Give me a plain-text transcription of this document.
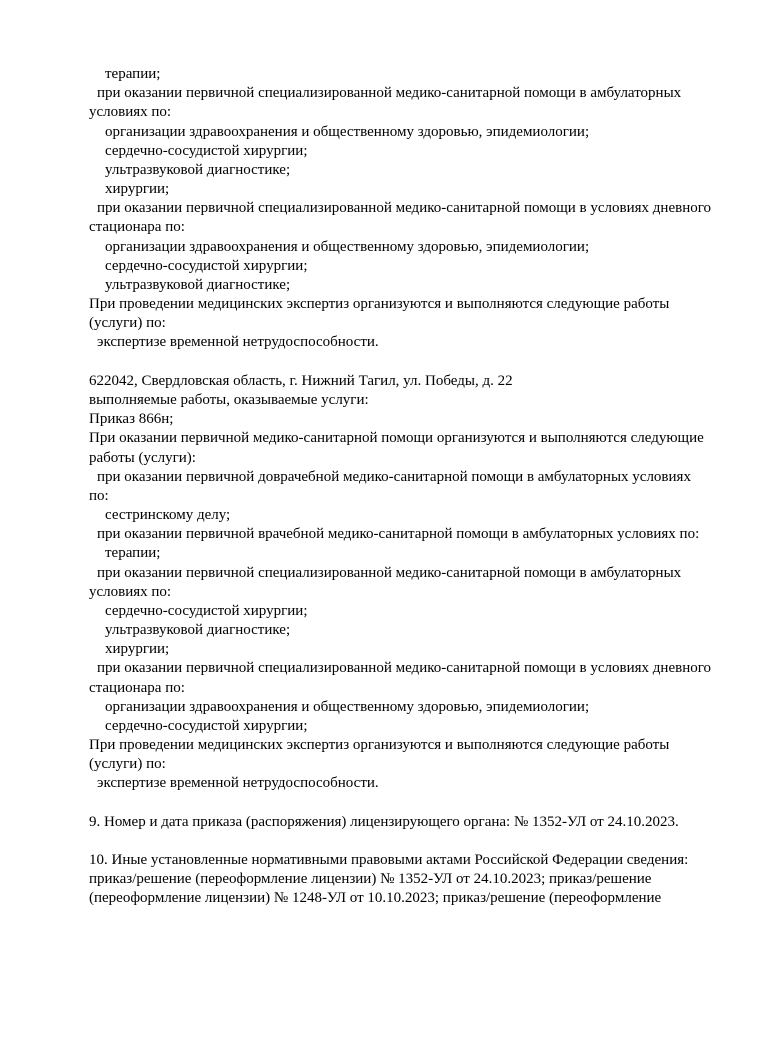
терапии;
при оказании первичной специализированной медико-санитарной помощи в амбулаторных
условиях по:
организации здравоохранения и общественному здоровью, эпидемиологии;
сердечно-сосудистой хирургии;
ультразвуковой диагностике;
хирургии;
при оказании первичной специализированной медико-санитарной помощи в условиях дневного
стационара по:
организации здравоохранения и общественному здоровью, эпидемиологии;
сердечно-сосудистой хирургии;
ультразвуковой диагностике;
При проведении медицинских экспертиз организуются и выполняются следующие работы
(услуги) по:
экспертизе временной нетрудоспособности.
622042, Свердловская область, г. Нижний Тагил, ул. Победы, д. 22
выполняемые работы, оказываемые услуги:
Приказ 866н;
При оказании первичной медико-санитарной помощи организуются и выполняются следующие
работы (услуги):
при оказании первичной доврачебной медико-санитарной помощи в амбулаторных условиях
по:
сестринскому делу;
при оказании первичной врачебной медико-санитарной помощи в амбулаторных условиях по:
терапии;
при оказании первичной специализированной медико-санитарной помощи в амбулаторных
условиях по:
сердечно-сосудистой хирургии;
ультразвуковой диагностике;
хирургии;
при оказании первичной специализированной медико-санитарной помощи в условиях дневного
стационара по:
организации здравоохранения и общественному здоровью, эпидемиологии;
сердечно-сосудистой хирургии;
При проведении медицинских экспертиз организуются и выполняются следующие работы
(услуги) по:
экспертизе временной нетрудоспособности.
9. Номер и дата приказа (распоряжения) лицензирующего органа: № 1352-УЛ от 24.10.2023.
10. Иные установленные нормативными правовыми актами Российской Федерации сведения:
приказ/решение (переоформление лицензии) № 1352-УЛ от 24.10.2023; приказ/решение
(переоформление лицензии) № 1248-УЛ от 10.10.2023; приказ/решение (переоформление
